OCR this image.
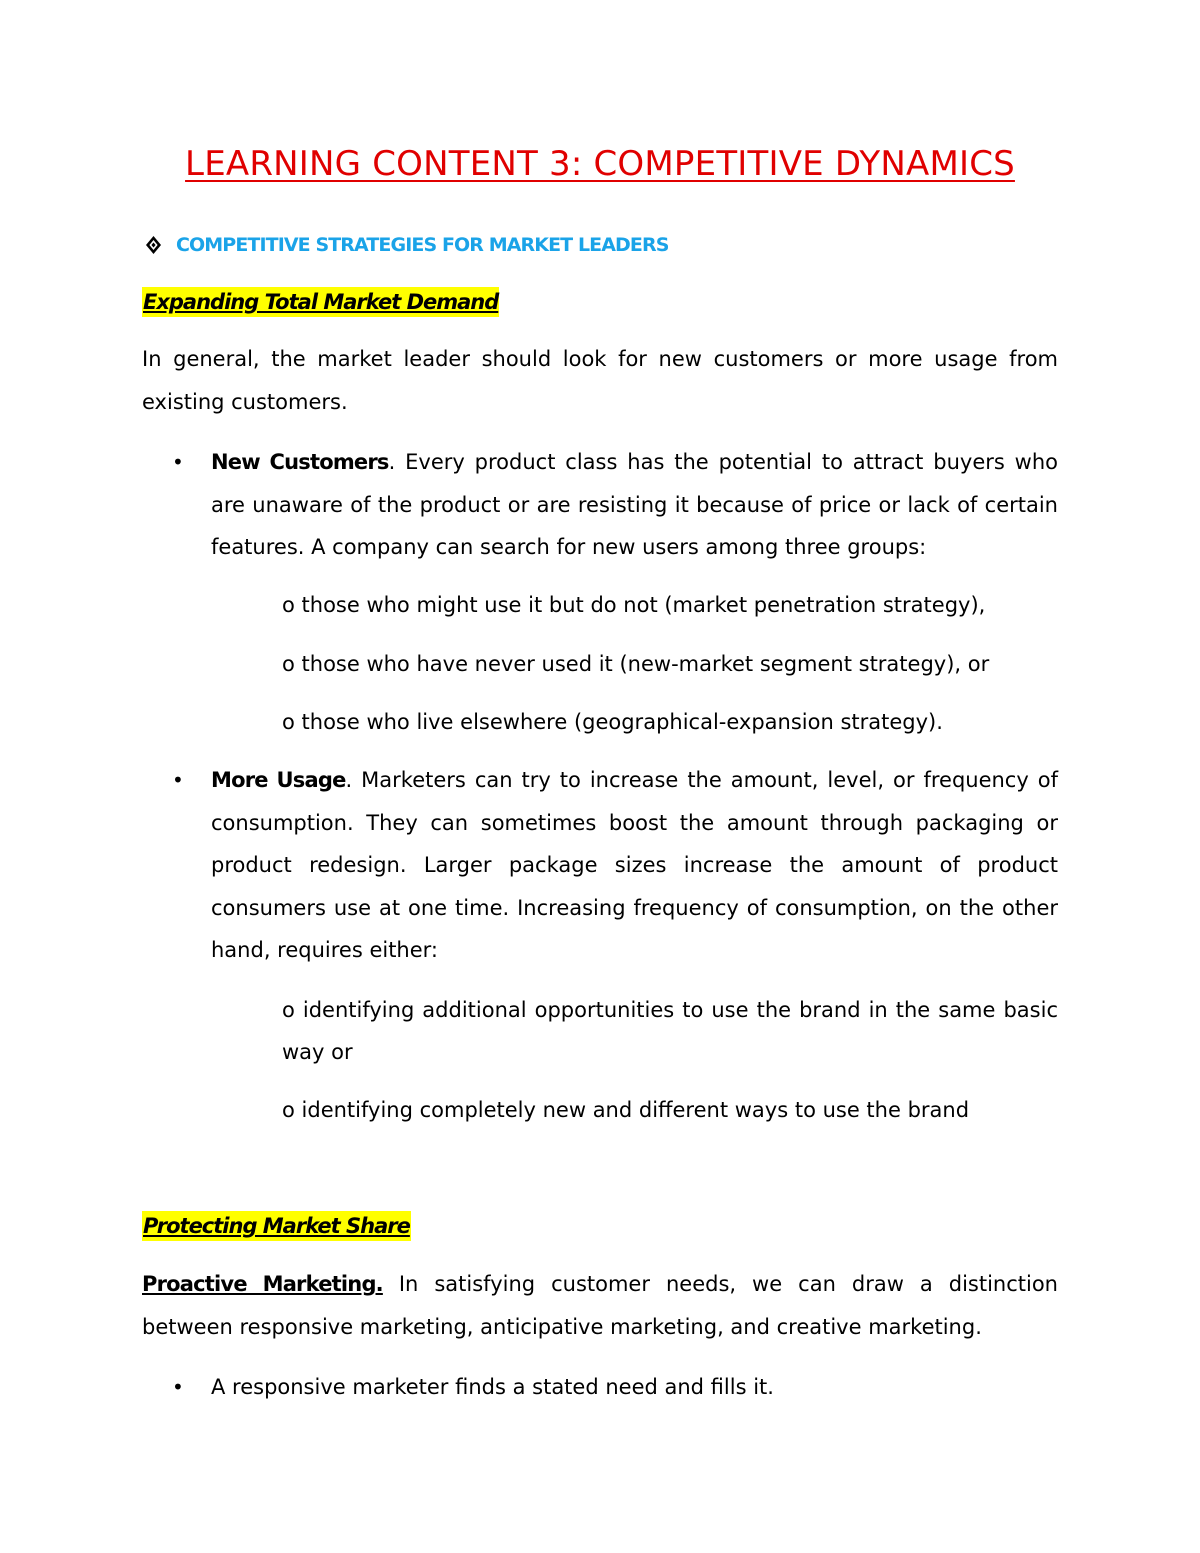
LEARNING CONTENT 3: COMPETITIVE DYNAMICS
COMPETITIVE STRATEGIES FOR MARKET LEADERS
Expanding Total Market Demand
In general, the market leader should look for new customers or more usage from existing customers.
• New Customers. Every product class has the potential to attract buyers who are unaware of the product or are resisting it because of price or lack of certain features. A company can search for new users among three groups:
o those who might use it but do not (market penetration strategy),
o those who have never used it (new-market segment strategy), or
o those who live elsewhere (geographical-expansion strategy).
• More Usage. Marketers can try to increase the amount, level, or frequency of consumption. They can sometimes boost the amount through packaging or product redesign. Larger package sizes increase the amount of product consumers use at one time. Increasing frequency of consumption, on the other hand, requires either:
o identifying additional opportunities to use the brand in the same basic way or
o identifying completely new and different ways to use the brand
Protecting Market Share
Proactive Marketing. In satisfying customer needs, we can draw a distinction between responsive marketing, anticipative marketing, and creative marketing.
• A responsive marketer finds a stated need and fills it.
